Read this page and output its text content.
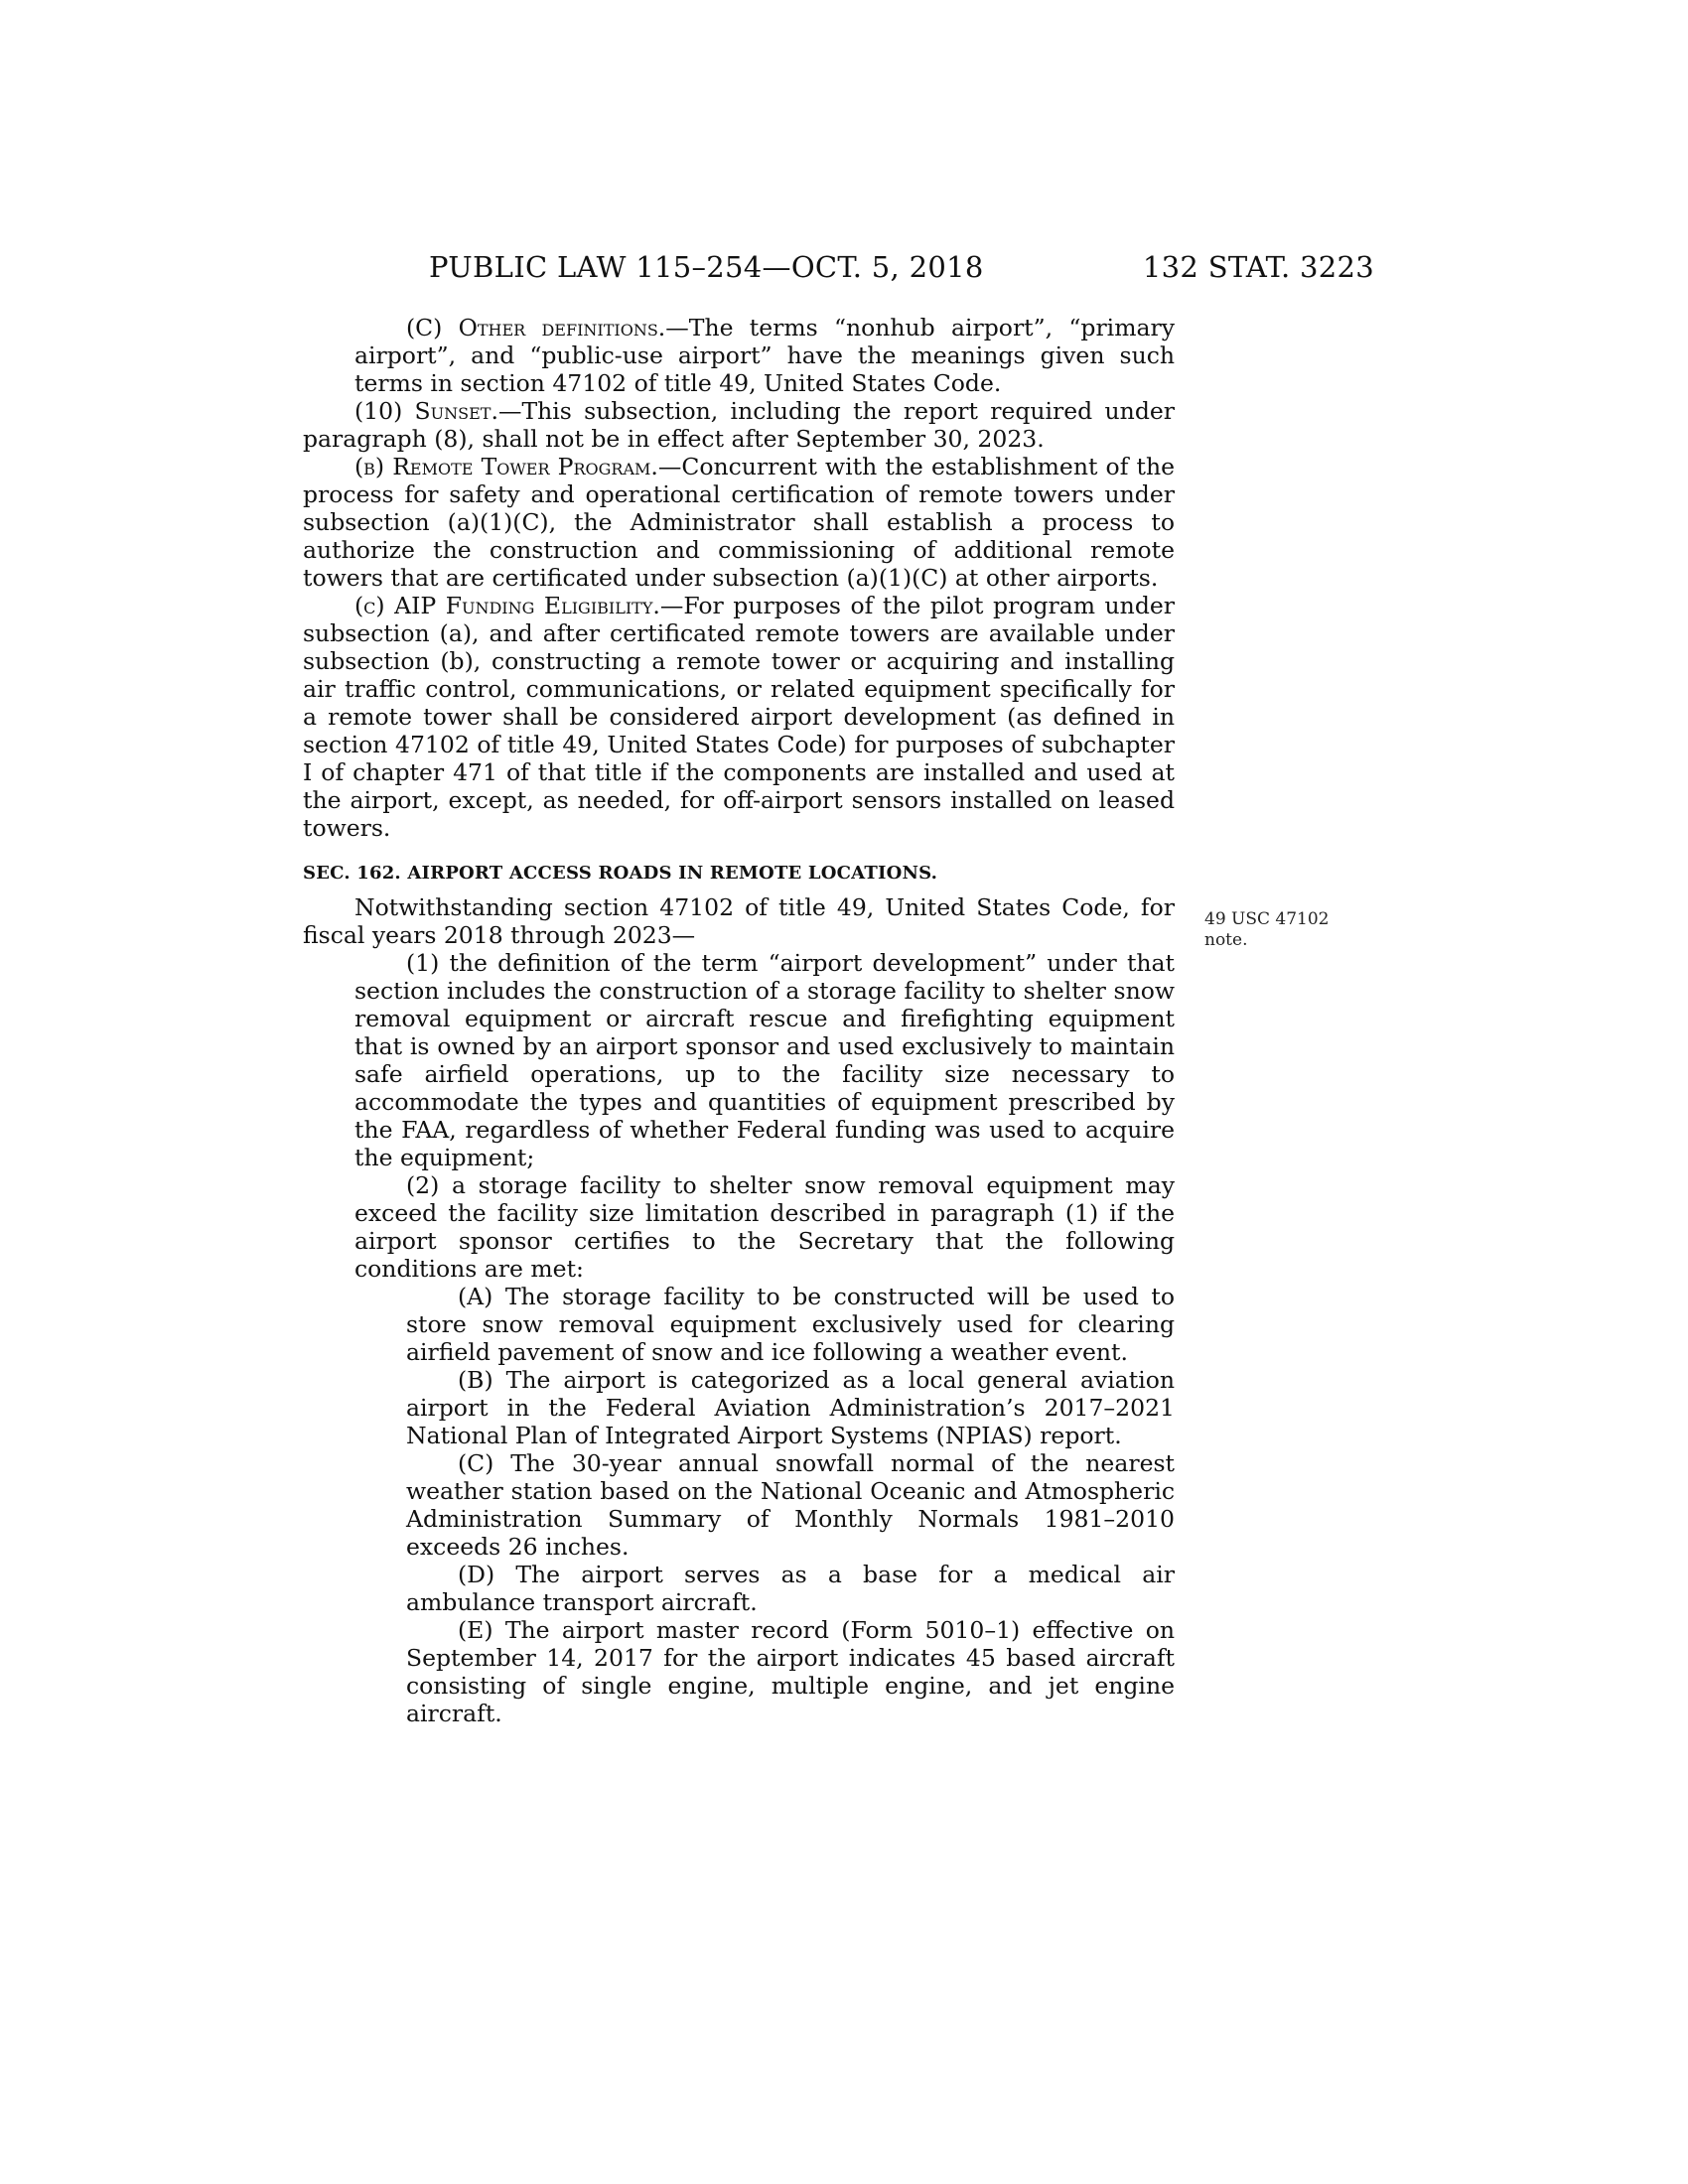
PUBLIC LAW 115–254—OCT. 5, 2018	132 STAT. 3223

(C) Other definitions.—The terms “nonhub airport”, “primary airport”, and “public-use airport” have the meanings given such terms in section 47102 of title 49, United States Code.

(10) Sunset.—This subsection, including the report required under paragraph (8), shall not be in effect after September 30, 2023.

(b) Remote Tower Program.—Concurrent with the establishment of the process for safety and operational certification of remote towers under subsection (a)(1)(C), the Administrator shall establish a process to authorize the construction and commissioning of additional remote towers that are certificated under subsection (a)(1)(C) at other airports.

(c) AIP Funding Eligibility.—For purposes of the pilot program under subsection (a), and after certificated remote towers are available under subsection (b), constructing a remote tower or acquiring and installing air traffic control, communications, or related equipment specifically for a remote tower shall be considered airport development (as defined in section 47102 of title 49, United States Code) for purposes of subchapter I of chapter 471 of that title if the components are installed and used at the airport, except, as needed, for off-airport sensors installed on leased towers.

SEC. 162. AIRPORT ACCESS ROADS IN REMOTE LOCATIONS.

Notwithstanding section 47102 of title 49, United States Code, for fiscal years 2018 through 2023—

(1) the definition of the term “airport development” under that section includes the construction of a storage facility to shelter snow removal equipment or aircraft rescue and firefighting equipment that is owned by an airport sponsor and used exclusively to maintain safe airfield operations, up to the facility size necessary to accommodate the types and quantities of equipment prescribed by the FAA, regardless of whether Federal funding was used to acquire the equipment;

(2) a storage facility to shelter snow removal equipment may exceed the facility size limitation described in paragraph (1) if the airport sponsor certifies to the Secretary that the following conditions are met:

(A) The storage facility to be constructed will be used to store snow removal equipment exclusively used for clearing airfield pavement of snow and ice following a weather event.

(B) The airport is categorized as a local general aviation airport in the Federal Aviation Administration’s 2017–2021 National Plan of Integrated Airport Systems (NPIAS) report.

(C) The 30-year annual snowfall normal of the nearest weather station based on the National Oceanic and Atmospheric Administration Summary of Monthly Normals 1981–2010 exceeds 26 inches.

(D) The airport serves as a base for a medical air ambulance transport aircraft.

(E) The airport master record (Form 5010–1) effective on September 14, 2017 for the airport indicates 45 based aircraft consisting of single engine, multiple engine, and jet engine aircraft.

49 USC 47102
note.
